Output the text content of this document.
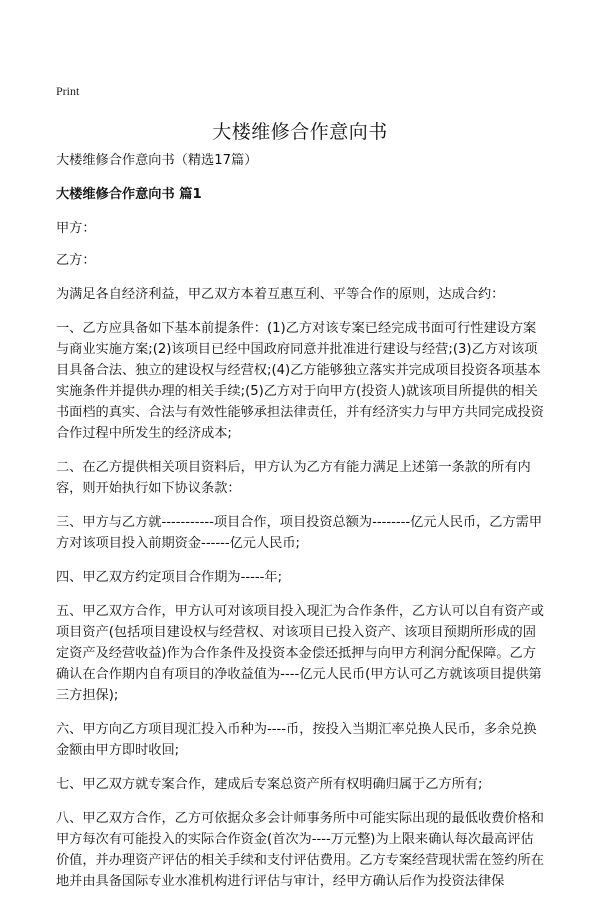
Print
大楼维修合作意向书

大楼维修合作意向书（精选17篇）

大楼维修合作意向书 篇1

甲方：

乙方：

为满足各自经济利益，甲乙双方本着互惠互利、平等合作的原则，达成合约：

一、乙方应具备如下基本前提条件：(1)乙方对该专案已经完成书面可行性建设方案与商业实施方案;(2)该项目已经中国政府同意并批准进行建设与经营;(3)乙方对该项目具备合法、独立的建设权与经营权;(4)乙方能够独立落实并完成项目投资各项基本实施条件并提供办理的相关手续;(5)乙方对于向甲方(投资人)就该项目所提供的相关书面档的真实、合法与有效性能够承担法律责任，并有经济实力与甲方共同完成投资合作过程中所发生的经济成本;

二、在乙方提供相关项目资料后，甲方认为乙方有能力满足上述第一条款的所有内容，则开始执行如下协议条款：

三、甲方与乙方就-----------项目合作，项目投资总额为--------亿元人民币，乙方需甲方对该项目投入前期资金------亿元人民币;

四、甲乙双方约定项目合作期为-----年;

五、甲乙双方合作，甲方认可对该项目投入现汇为合作条件，乙方认可以自有资产或项目资产(包括项目建设权与经营权、对该项目已投入资产、该项目预期所形成的固定资产及经营收益)作为合作条件及投资本金偿还抵押与向甲方利润分配保障。乙方确认在合作期内自有项目的净收益值为----亿元人民币(甲方认可乙方就该项目提供第三方担保);

六、甲方向乙方项目现汇投入币种为----币，按投入当期汇率兑换人民币，多余兑换金额由甲方即时收回;

七、甲乙双方就专案合作，建成后专案总资产所有权明确归属于乙方所有;

八、甲乙双方合作，乙方可依据众多会计师事务所中可能实际出现的最低收费价格和甲方每次有可能投入的实际合作资金(首次为----万元整)为上限来确认每次最高评估价值，并办理资产评估的相关手续和支付评估费用。乙方专案经营现状需在签约所在地并由具备国际专业水准机构进行评估与审计，经甲方确认后作为投资法律保
